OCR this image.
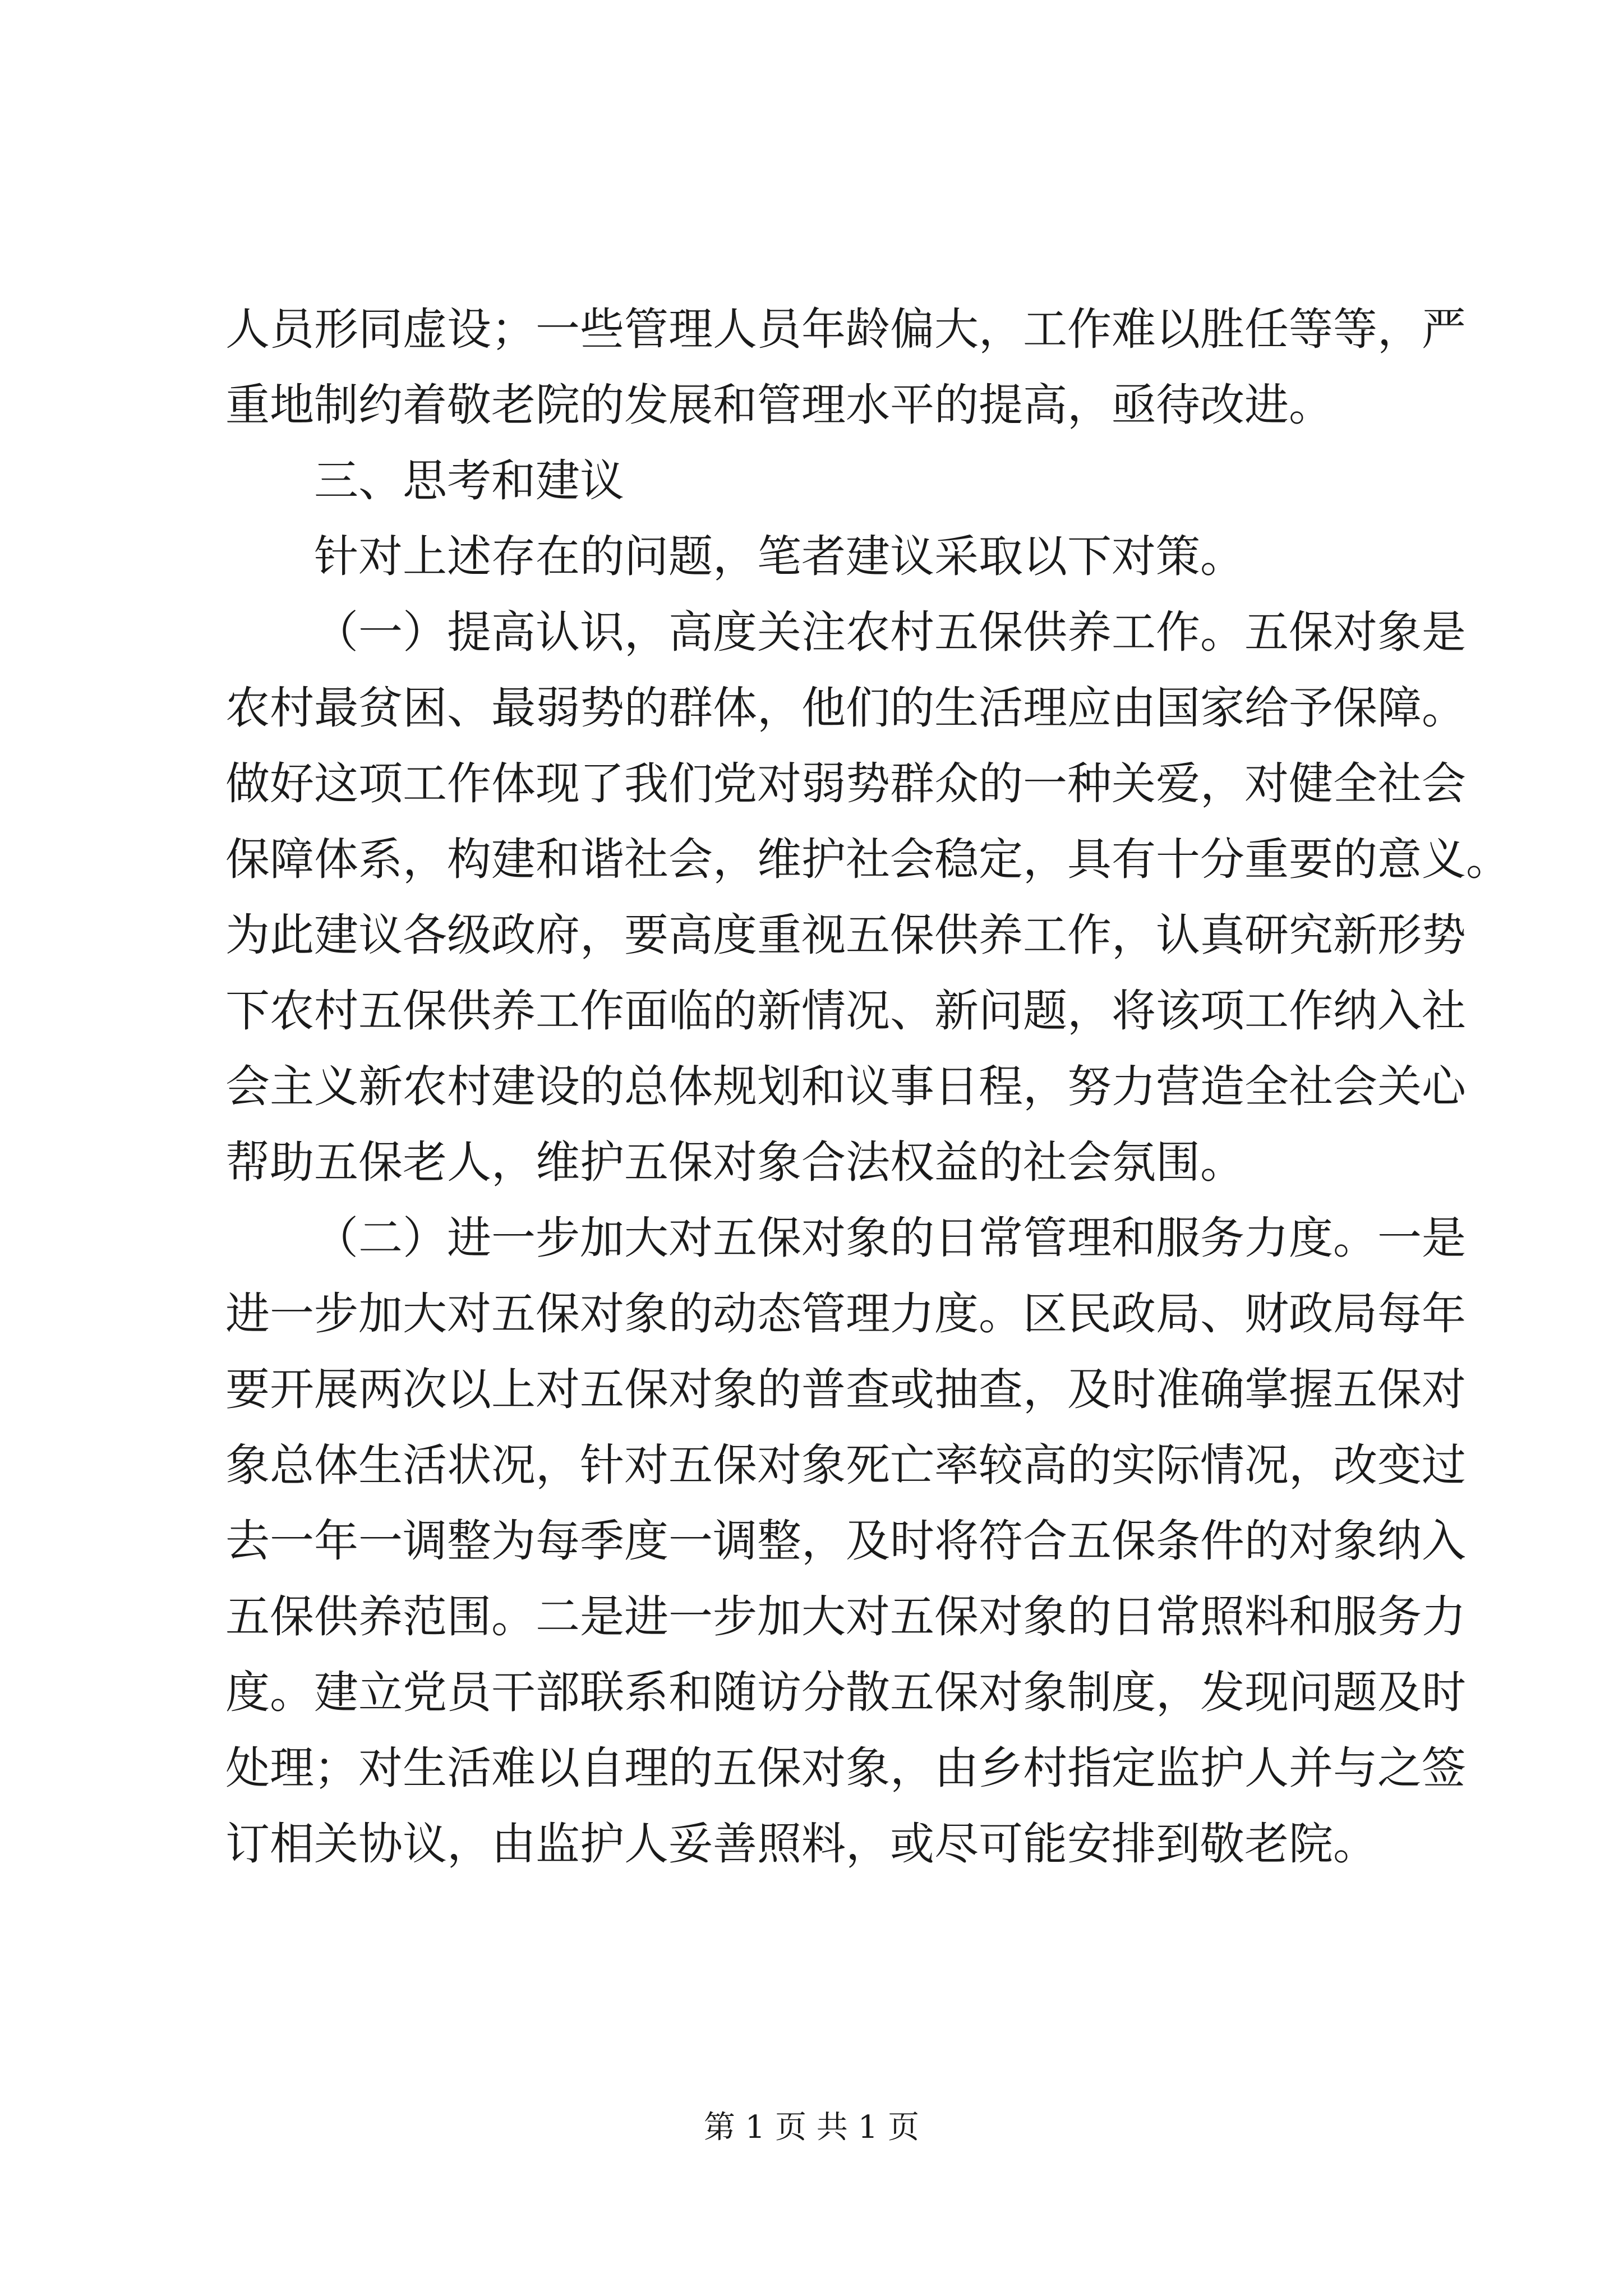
人员形同虚设；一些管理人员年龄偏大，工作难以胜任等等，严
重地制约着敬老院的发展和管理水平的提高，亟待改进。
三、思考和建议
针对上述存在的问题，笔者建议采取以下对策。
（一）提高认识，高度关注农村五保供养工作。五保对象是
农村最贫困、最弱势的群体，他们的生活理应由国家给予保障。
做好这项工作体现了我们党对弱势群众的一种关爱，对健全社会
保障体系，构建和谐社会，维护社会稳定，具有十分重要的意义。
为此建议各级政府，要高度重视五保供养工作，认真研究新形势
下农村五保供养工作面临的新情况、新问题，将该项工作纳入社
会主义新农村建设的总体规划和议事日程，努力营造全社会关心
帮助五保老人，维护五保对象合法权益的社会氛围。
（二）进一步加大对五保对象的日常管理和服务力度。一是
进一步加大对五保对象的动态管理力度。区民政局、财政局每年
要开展两次以上对五保对象的普查或抽查，及时准确掌握五保对
象总体生活状况，针对五保对象死亡率较高的实际情况，改变过
去一年一调整为每季度一调整，及时将符合五保条件的对象纳入
五保供养范围。二是进一步加大对五保对象的日常照料和服务力
度。建立党员干部联系和随访分散五保对象制度，发现问题及时
处理；对生活难以自理的五保对象，由乡村指定监护人并与之签
订相关协议，由监护人妥善照料，或尽可能安排到敬老院。
第 1 页 共 1 页
